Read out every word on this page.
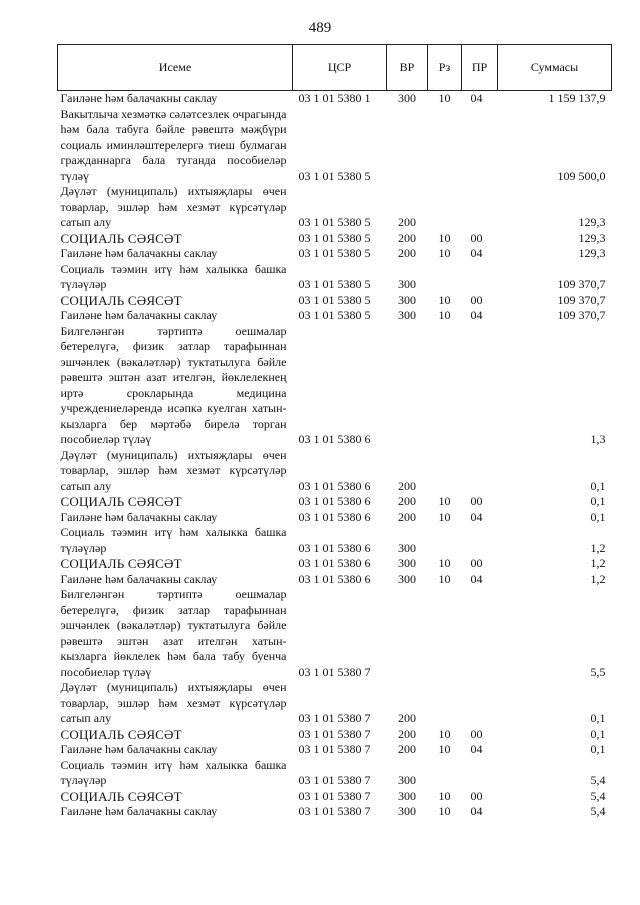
489
Исеме	ЦСР	ВР	Рз	ПР	Суммасы
Гаиләне һәм балачакны саклау	03 1 01 5380 1	300	10	04	1 159 137,9
Вакытлыча хезмәткә сәләтсезлек очрагында һәм бала табуга бәйле рәвештә мәҗбүри социаль иминләштерелергә тиеш булмаган гражданнарга бала туганда пособиеләр түләү	03 1 01 5380 5				109 500,0
Дәүләт (муниципаль) ихтыяҗлары өчен товарлар, эшләр һәм хезмәт күрсәтүләр сатып алу	03 1 01 5380 5	200			129,3
СОЦИАЛЬ СӘЯСӘТ	03 1 01 5380 5	200	10	00	129,3
Гаиләне һәм балачакны саклау	03 1 01 5380 5	200	10	04	129,3
Социаль тәэмин итү һәм халыкка башка түләүләр	03 1 01 5380 5	300			109 370,7
СОЦИАЛЬ СӘЯСӘТ	03 1 01 5380 5	300	10	00	109 370,7
Гаиләне һәм балачакны саклау	03 1 01 5380 5	300	10	04	109 370,7
Билгеләнгән тәртиптә оешмалар бетерелүгә, физик затлар тарафыннан эшчәнлек (вәкаләтләр) туктатылуга бәйле рәвештә эштән азат ителгән, йөклелекнең иртә срокларында медицина учреждениеләрендә исәпкә куелган хатын-кызларга бер мәртәбә бирелә торган пособиеләр түләү	03 1 01 5380 6				1,3
Дәүләт (муниципаль) ихтыяҗлары өчен товарлар, эшләр һәм хезмәт күрсәтүләр сатып алу	03 1 01 5380 6	200			0,1
СОЦИАЛЬ СӘЯСӘТ	03 1 01 5380 6	200	10	00	0,1
Гаиләне һәм балачакны саклау	03 1 01 5380 6	200	10	04	0,1
Социаль тәэмин итү һәм халыкка башка түләүләр	03 1 01 5380 6	300			1,2
СОЦИАЛЬ СӘЯСӘТ	03 1 01 5380 6	300	10	00	1,2
Гаиләне һәм балачакны саклау	03 1 01 5380 6	300	10	04	1,2
Билгеләнгән тәртиптә оешмалар бетерелүгә, физик затлар тарафыннан эшчәнлек (вәкаләтләр) туктатылуга бәйле рәвештә эштән азат ителгән хатын-кызларга йөклелек һәм бала табу буенча пособиеләр түләү	03 1 01 5380 7				5,5
Дәүләт (муниципаль) ихтыяҗлары өчен товарлар, эшләр һәм хезмәт күрсәтүләр сатып алу	03 1 01 5380 7	200			0,1
СОЦИАЛЬ СӘЯСӘТ	03 1 01 5380 7	200	10	00	0,1
Гаиләне һәм балачакны саклау	03 1 01 5380 7	200	10	04	0,1
Социаль тәэмин итү һәм халыкка башка түләүләр	03 1 01 5380 7	300			5,4
СОЦИАЛЬ СӘЯСӘТ	03 1 01 5380 7	300	10	00	5,4
Гаиләне һәм балачакны саклау	03 1 01 5380 7	300	10	04	5,4
